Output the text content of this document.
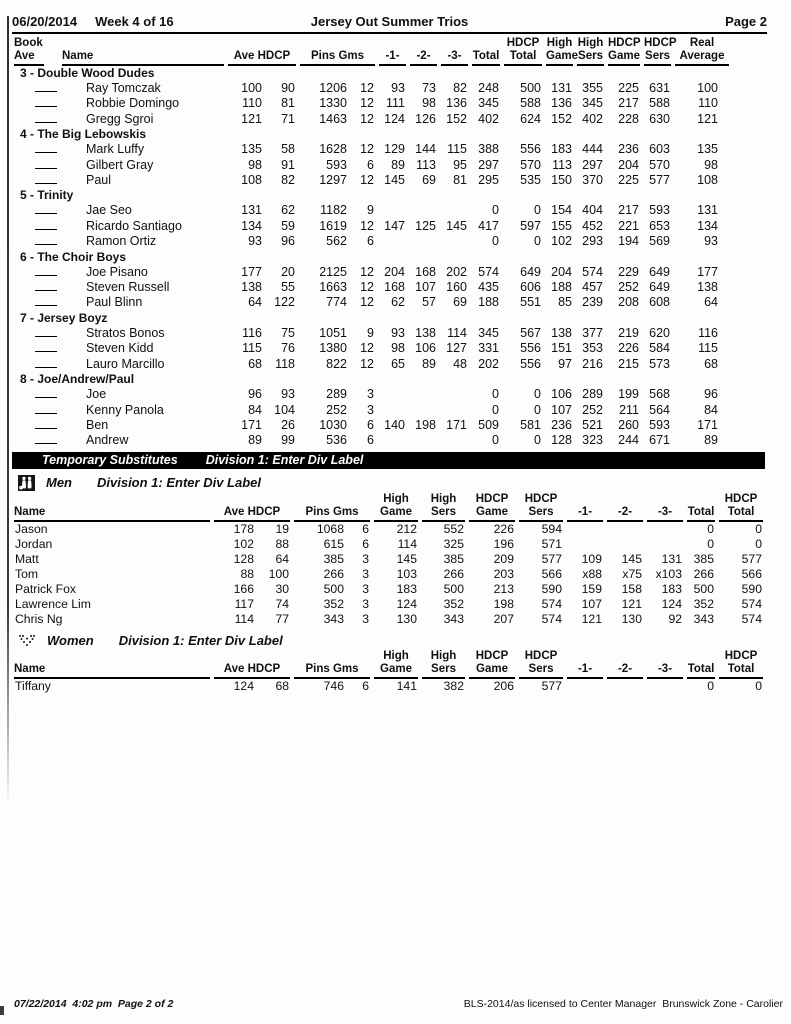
06/20/2014 Week 4 of 16	Jersey Out Summer Trios	Page 2
Book										HDCP	High	High	HDCP	HDCP	Real
Ave	Name	Ave HDCP		Pins Gms		-1-	-2-	-3-	Total	Total	Game	Sers	Game	Sers	Average

3 - Double Wood Dudes															
	Ray Tomczak	100	90	1206	12	93	73	82	248	500	131	355	225	631	100
	Robbie Domingo	110	81	1330	12	111	98	136	345	588	136	345	217	588	110
	Gregg Sgroi	121	71	1463	12	124	126	152	402	624	152	402	228	630	121
4 - The Big Lebowskis															
	Mark Luffy	135	58	1628	12	129	144	115	388	556	183	444	236	603	135
	Gilbert Gray	98	91	593	6	89	113	95	297	570	113	297	204	570	98
	Paul	108	82	1297	12	145	69	81	295	535	150	370	225	577	108
5 - Trinity															
	Jae Seo	131	62	1182	9				0	0	154	404	217	593	131
	Ricardo Santiago	134	59	1619	12	147	125	145	417	597	155	452	221	653	134
	Ramon Ortiz	93	96	562	6				0	0	102	293	194	569	93
6 - The Choir Boys															
	Joe Pisano	177	20	2125	12	204	168	202	574	649	204	574	229	649	177
	Steven Russell	138	55	1663	12	168	107	160	435	606	188	457	252	649	138
	Paul Blinn	64	122	774	12	62	57	69	188	551	85	239	208	608	64
7 - Jersey Boyz															
	Stratos Bonos	116	75	1051	9	93	138	114	345	567	138	377	219	620	116
	Steven Kidd	115	76	1380	12	98	106	127	331	556	151	353	226	584	115
	Lauro Marcillo	68	118	822	12	65	89	48	202	556	97	216	215	573	68
8 - Joe/Andrew/Paul															
	Joe	96	93	289	3				0	0	106	289	199	568	96
	Kenny Panola	84	104	252	3				0	0	107	252	211	564	84
	Ben	171	26	1030	6	140	198	171	509	581	236	521	260	593	171
	Andrew	89	99	536	6				0	0	128	323	244	671	89
Temporary Substitutes Division 1: Enter Div Label
Men Division 1: Enter Div Label
					High	High	HDCP	HDCP					HDCP

Name	Ave HDCP		Pins Gms		Game	Sers	Game	Sers	-1-	-2-	-3-	Total	Total

Jason	178	19	1068	6	212	552	226	594				0	0
Jordan	102	88	615	6	114	325	196	571				0	0
Matt	128	64	385	3	145	385	209	577	109	145	131	385	577
Tom	88	100	266	3	103	266	203	566	x88	x75	x103	266	566
Patrick Fox	166	30	500	3	183	500	213	590	159	158	183	500	590
Lawrence Lim	117	74	352	3	124	352	198	574	107	121	124	352	574
Chris Ng	114	77	343	3	130	343	207	574	121	130	92	343	574
Women Division 1: Enter Div Label
					High	High	HDCP	HDCP					HDCP

Name	Ave HDCP		Pins Gms		Game	Sers	Game	Sers	-1-	-2-	-3-	Total	Total

Tiffany	124	68	746	6	141	382	206	577				0	0
07/22/2014  4:02 pm  Page 2 of 2	BLS-2014/as licensed to Center Manager  Brunswick Zone - Carolier
